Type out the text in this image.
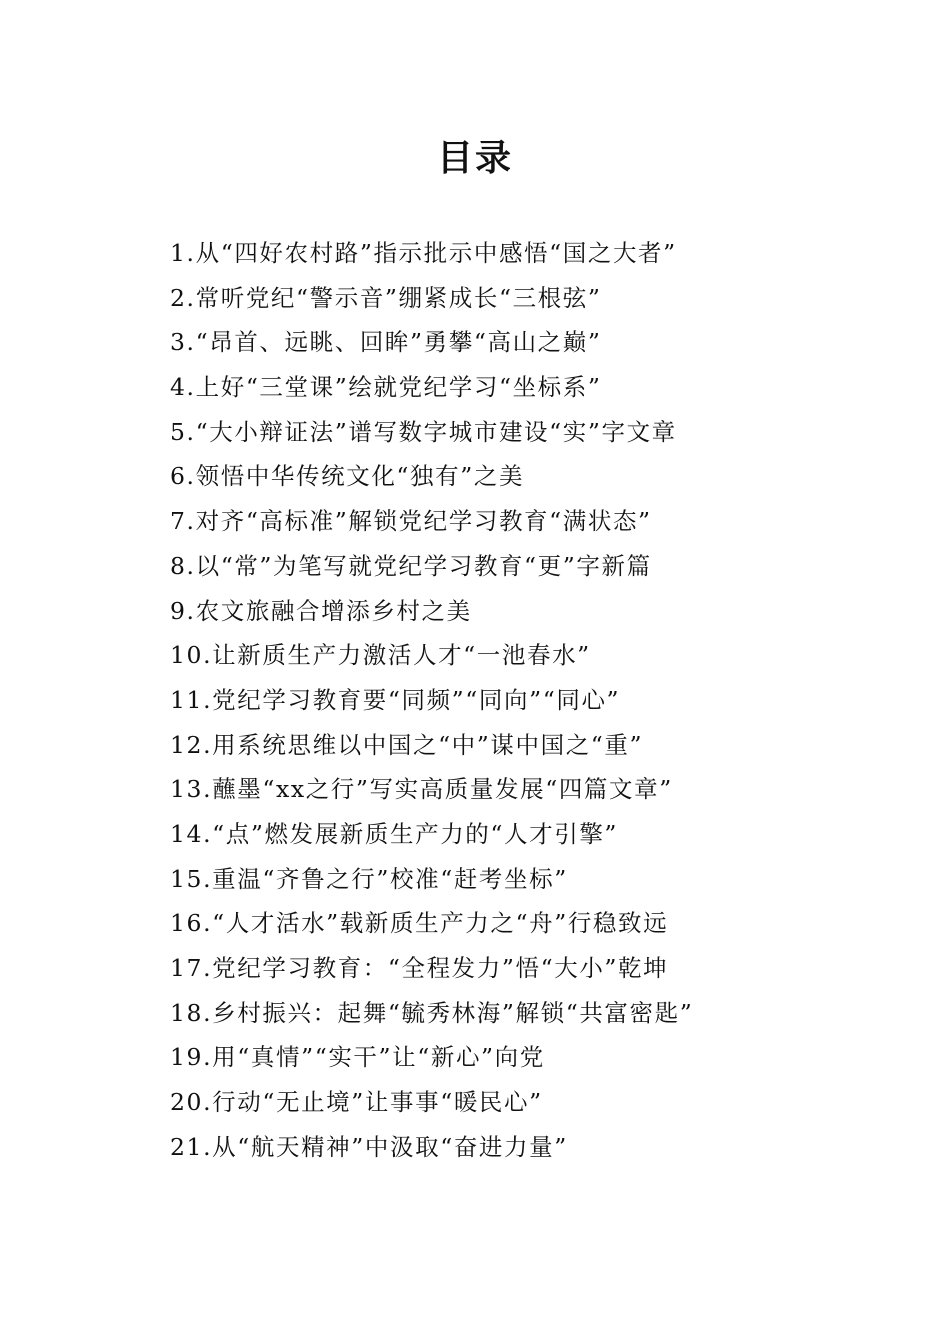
目录
1.从“四好农村路”指示批示中感悟“国之大者”
2.常听党纪“警示音”绷紧成长“三根弦”
3.“昂首、远眺、回眸”勇攀“高山之巅”
4.上好“三堂课”绘就党纪学习“坐标系”
5.“大小辩证法”谱写数字城市建设“实”字文章
6.领悟中华传统文化“独有”之美
7.对齐“高标准”解锁党纪学习教育“满状态”
8.以“常”为笔写就党纪学习教育“更”字新篇
9.农文旅融合增添乡村之美
10.让新质生产力激活人才“一池春水”
11.党纪学习教育要“同频”“同向”“同心”
12.用系统思维以中国之“中”谋中国之“重”
13.蘸墨“xx之行”写实高质量发展“四篇文章”
14.“点”燃发展新质生产力的“人才引擎”
15.重温“齐鲁之行”校准“赶考坐标”
16.“人才活水”载新质生产力之“舟”行稳致远
17.党纪学习教育：“全程发力”悟“大小”乾坤
18.乡村振兴：起舞“毓秀林海”解锁“共富密匙”
19.用“真情”“实干”让“新心”向党
20.行动“无止境”让事事“暖民心”
21.从“航天精神”中汲取“奋进力量”
